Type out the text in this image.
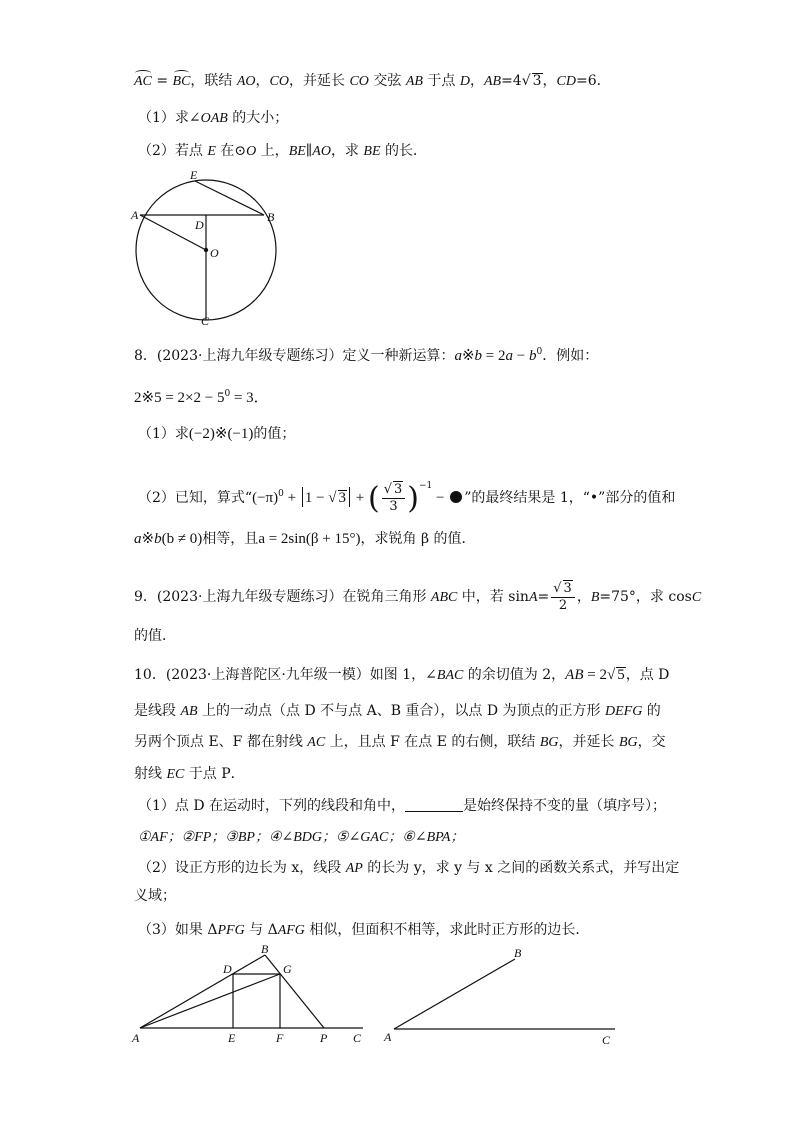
AC = BC，联结 AO，CO，并延长 CO 交弦 AB 于点 D，AB=4√ 3，CD=6．
（1）求∠OAB 的大小；
（2）若点 E 在⊙O 上，BE∥AO，求 BE 的长．
E
A	B
D
O
C
8．(2023·上海九年级专题练习）定义一种新运算：a※b = $2a - b^0$．例如：
2※5 = $2\times 2 - 5^0 = 3$．
（1）求(−2)※(−1)的值；
（2）已知，算式“$(-\pi)^0 + 1$ − √ 3 + ( $\frac{√ 3}{3} )^{-1}$ − ”的最终结果是 1，“•”部分的值和
a※b(b ≠ 0)相等，且a = 2sin(β + 15°)，求锐角 β 的值．
9．(2023·上海九年级专题练习）在锐角三角形 ABC 中，若 $\sin A= \frac{√ 3}{2}$ ，B=75°，求 cosC
的值．
10．(2023·上海普陀区·九年级一模）如图 1，∠BAC 的余切值为 2，AB = 2√ 5，点 D
是线段 AB 上的一动点（点 D 不与点 A、B 重合），以点 D 为顶点的正方形 DEFG 的
另两个顶点 E、F 都在射线 AC 上，且点 F 在点 E 的右侧，联结 BG，并延长 BG，交
射线 EC 于点 P．
（1）点 D 在运动时，下列的线段和角中，	是始终保持不变的量（填序号）；
①AF；②FP；③BP；④∠BDG；⑤∠GAC；⑥∠BPA；
（2）设正方形的边长为 x，线段 AP 的长为 y，求 y 与 x 之间的函数关系式，并写出定
义域；
（3）如果 ΔPFG 与 ΔAFG 相似，但面积不相等，求此时正方形的边长．
B
D	G
A	E	F	P C
B
A	C
